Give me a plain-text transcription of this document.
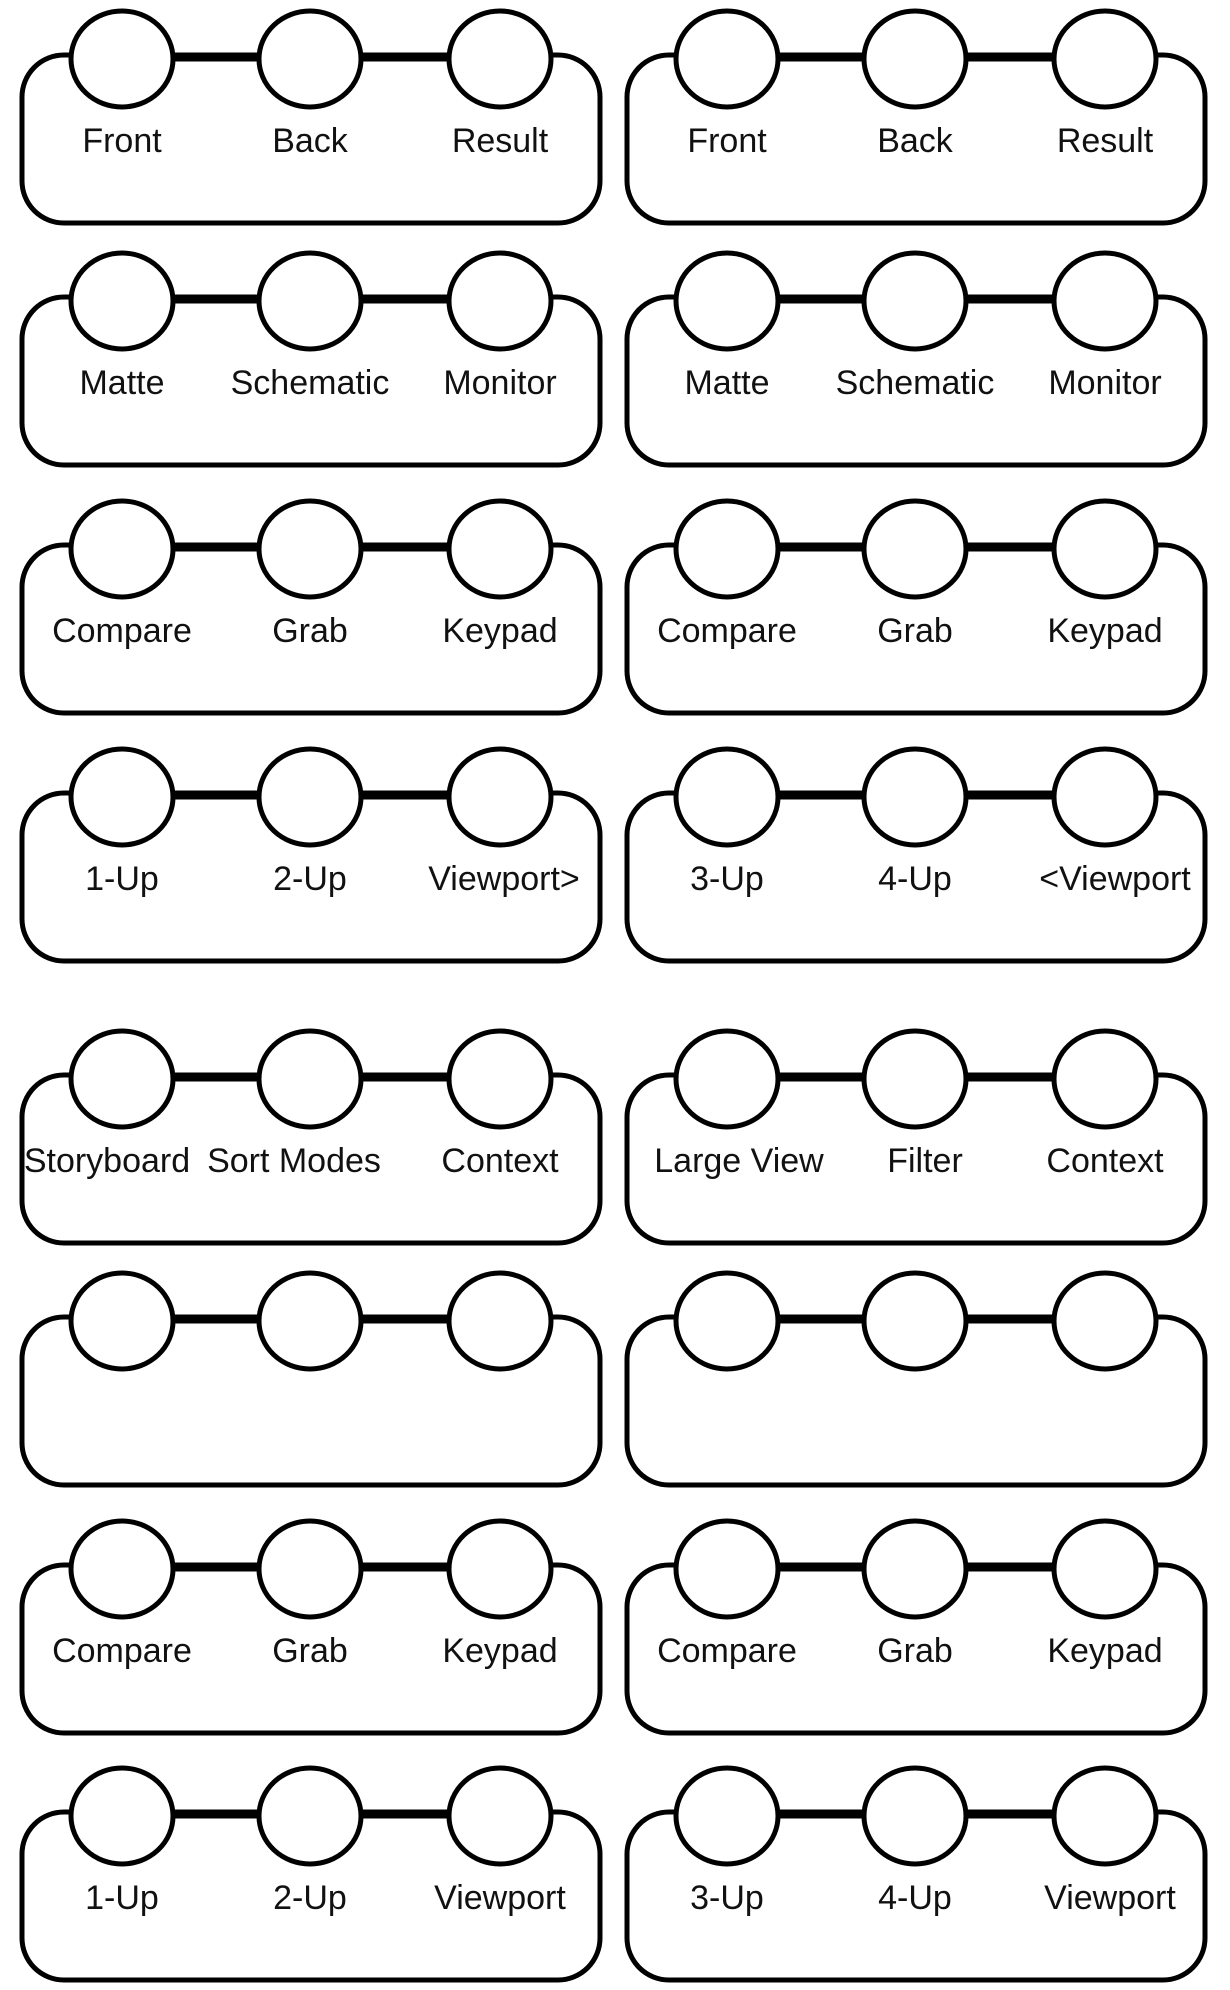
Front	Back	Result	Front	Back	Result
Matte Schematic Monitor	Matte Schematic Monitor
Compare Grab	Keypad	Compare Grab	Keypad
1-Up	2-Up Viewport>	3-Up	4-Up	<Viewport
Storyboard Sort Modes Context	Large View Filter Context
Compare Grab	Keypad	Compare Grab	Keypad
1-Up	2-Up	Viewport	3-Up	4-Up	Viewport
